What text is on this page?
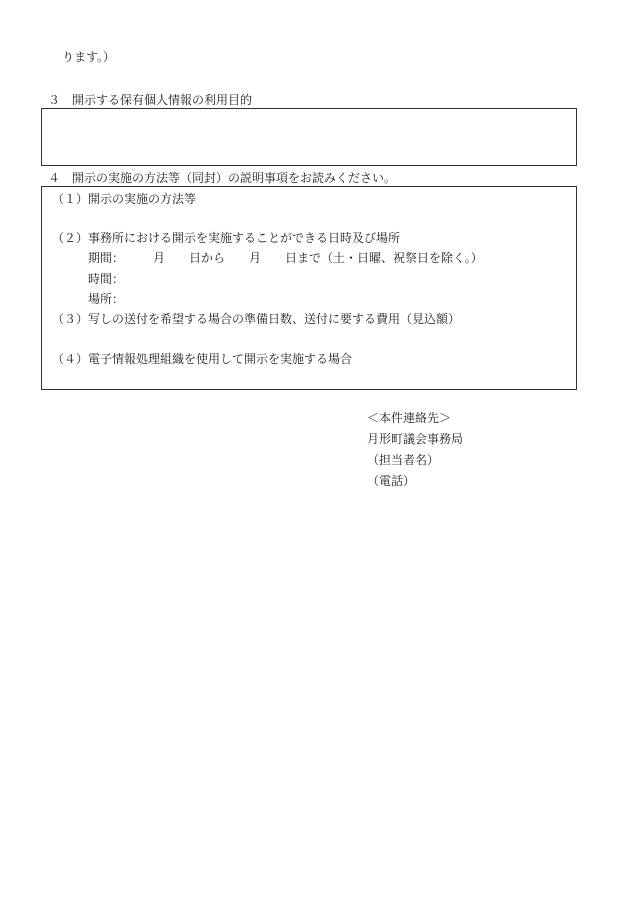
ります。）
３　開示する保有個人情報の利用目的
４　開示の実施の方法等（同封）の説明事項をお読みください。
（１）開示の実施の方法等
（２）事務所における開示を実施することができる日時及び場所
期間： 月　　日から　　月　　日まで（土・日曜、祝祭日を除く。）
時間：
場所：
（３）写しの送付を希望する場合の準備日数、送付に要する費用（見込額）
（４）電子情報処理組織を使用して開示を実施する場合
＜本件連絡先＞
月形町議会事務局
（担当者名）
（電話）
